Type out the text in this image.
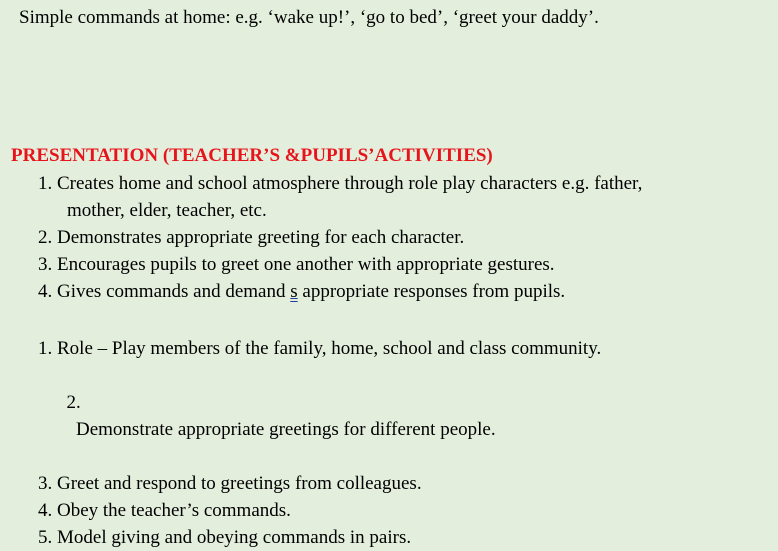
Simple commands at home: e.g. ‘wake up!’, ‘go to bed’, ‘greet your daddy’.
PRESENTATION (TEACHER’S &PUPILS’ACTIVITIES)
1. Creates home and school atmosphere through role play characters e.g. father,
mother, elder, teacher, etc.
2. Demonstrates appropriate greeting for each character.
3. Encourages pupils to greet one another with appropriate gestures.
4. Gives commands and demand s appropriate responses from pupils.
1. Role – Play members of the family, home, school and class community.

2.
Demonstrate appropriate greetings for different people.

3. Greet and respond to greetings from colleagues.
4. Obey the teacher’s commands.
5. Model giving and obeying commands in pairs.
